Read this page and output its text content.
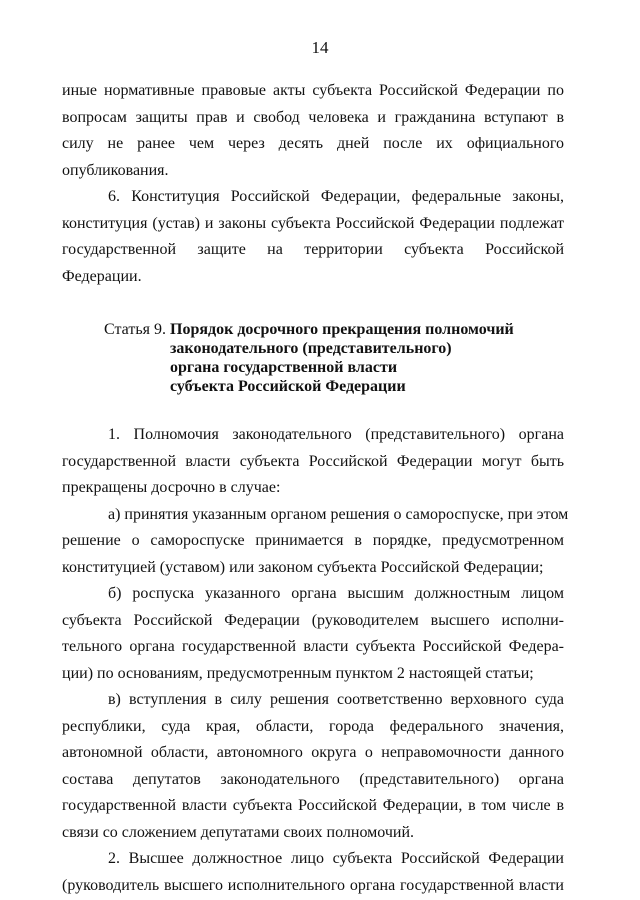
14
иные нормативные правовые акты субъекта Российской Федерации по
вопросам защиты прав и свобод человека и гражданина вступают в
силу не ранее чем через десять дней после их официального
опубликования.
6. Конституция Российской Федерации, федеральные законы,
конституция (устав) и законы субъекта Российской Федерации подлежат
государственной защите на территории субъекта Российской
Федерации.
Статья 9. Порядок досрочного прекращения полномочий
законодательного (представительного)
органа государственной власти
субъекта Российской Федерации
1. Полномочия законодательного (представительного) органа
государственной власти субъекта Российской Федерации могут быть
прекращены досрочно в случае:
а) принятия указанным органом решения о самороспуске, при этом
решение о самороспуске принимается в порядке, предусмотренном
конституцией (уставом) или законом субъекта Российской Федерации;
б) роспуска указанного органа высшим должностным лицом
субъекта Российской Федерации (руководителем высшего исполни-
тельного органа государственной власти субъекта Российской Федера-
ции) по основаниям, предусмотренным пунктом 2 настоящей статьи;
в) вступления в силу решения соответственно верховного суда
республики, суда края, области, города федерального значения,
автономной области, автономного округа о неправомочности данного
состава депутатов законодательного (представительного) органа
государственной власти субъекта Российской Федерации, в том числе в
связи со сложением депутатами своих полномочий.
2. Высшее должностное лицо субъекта Российской Федерации
(руководитель высшего исполнительного органа государственной власти
